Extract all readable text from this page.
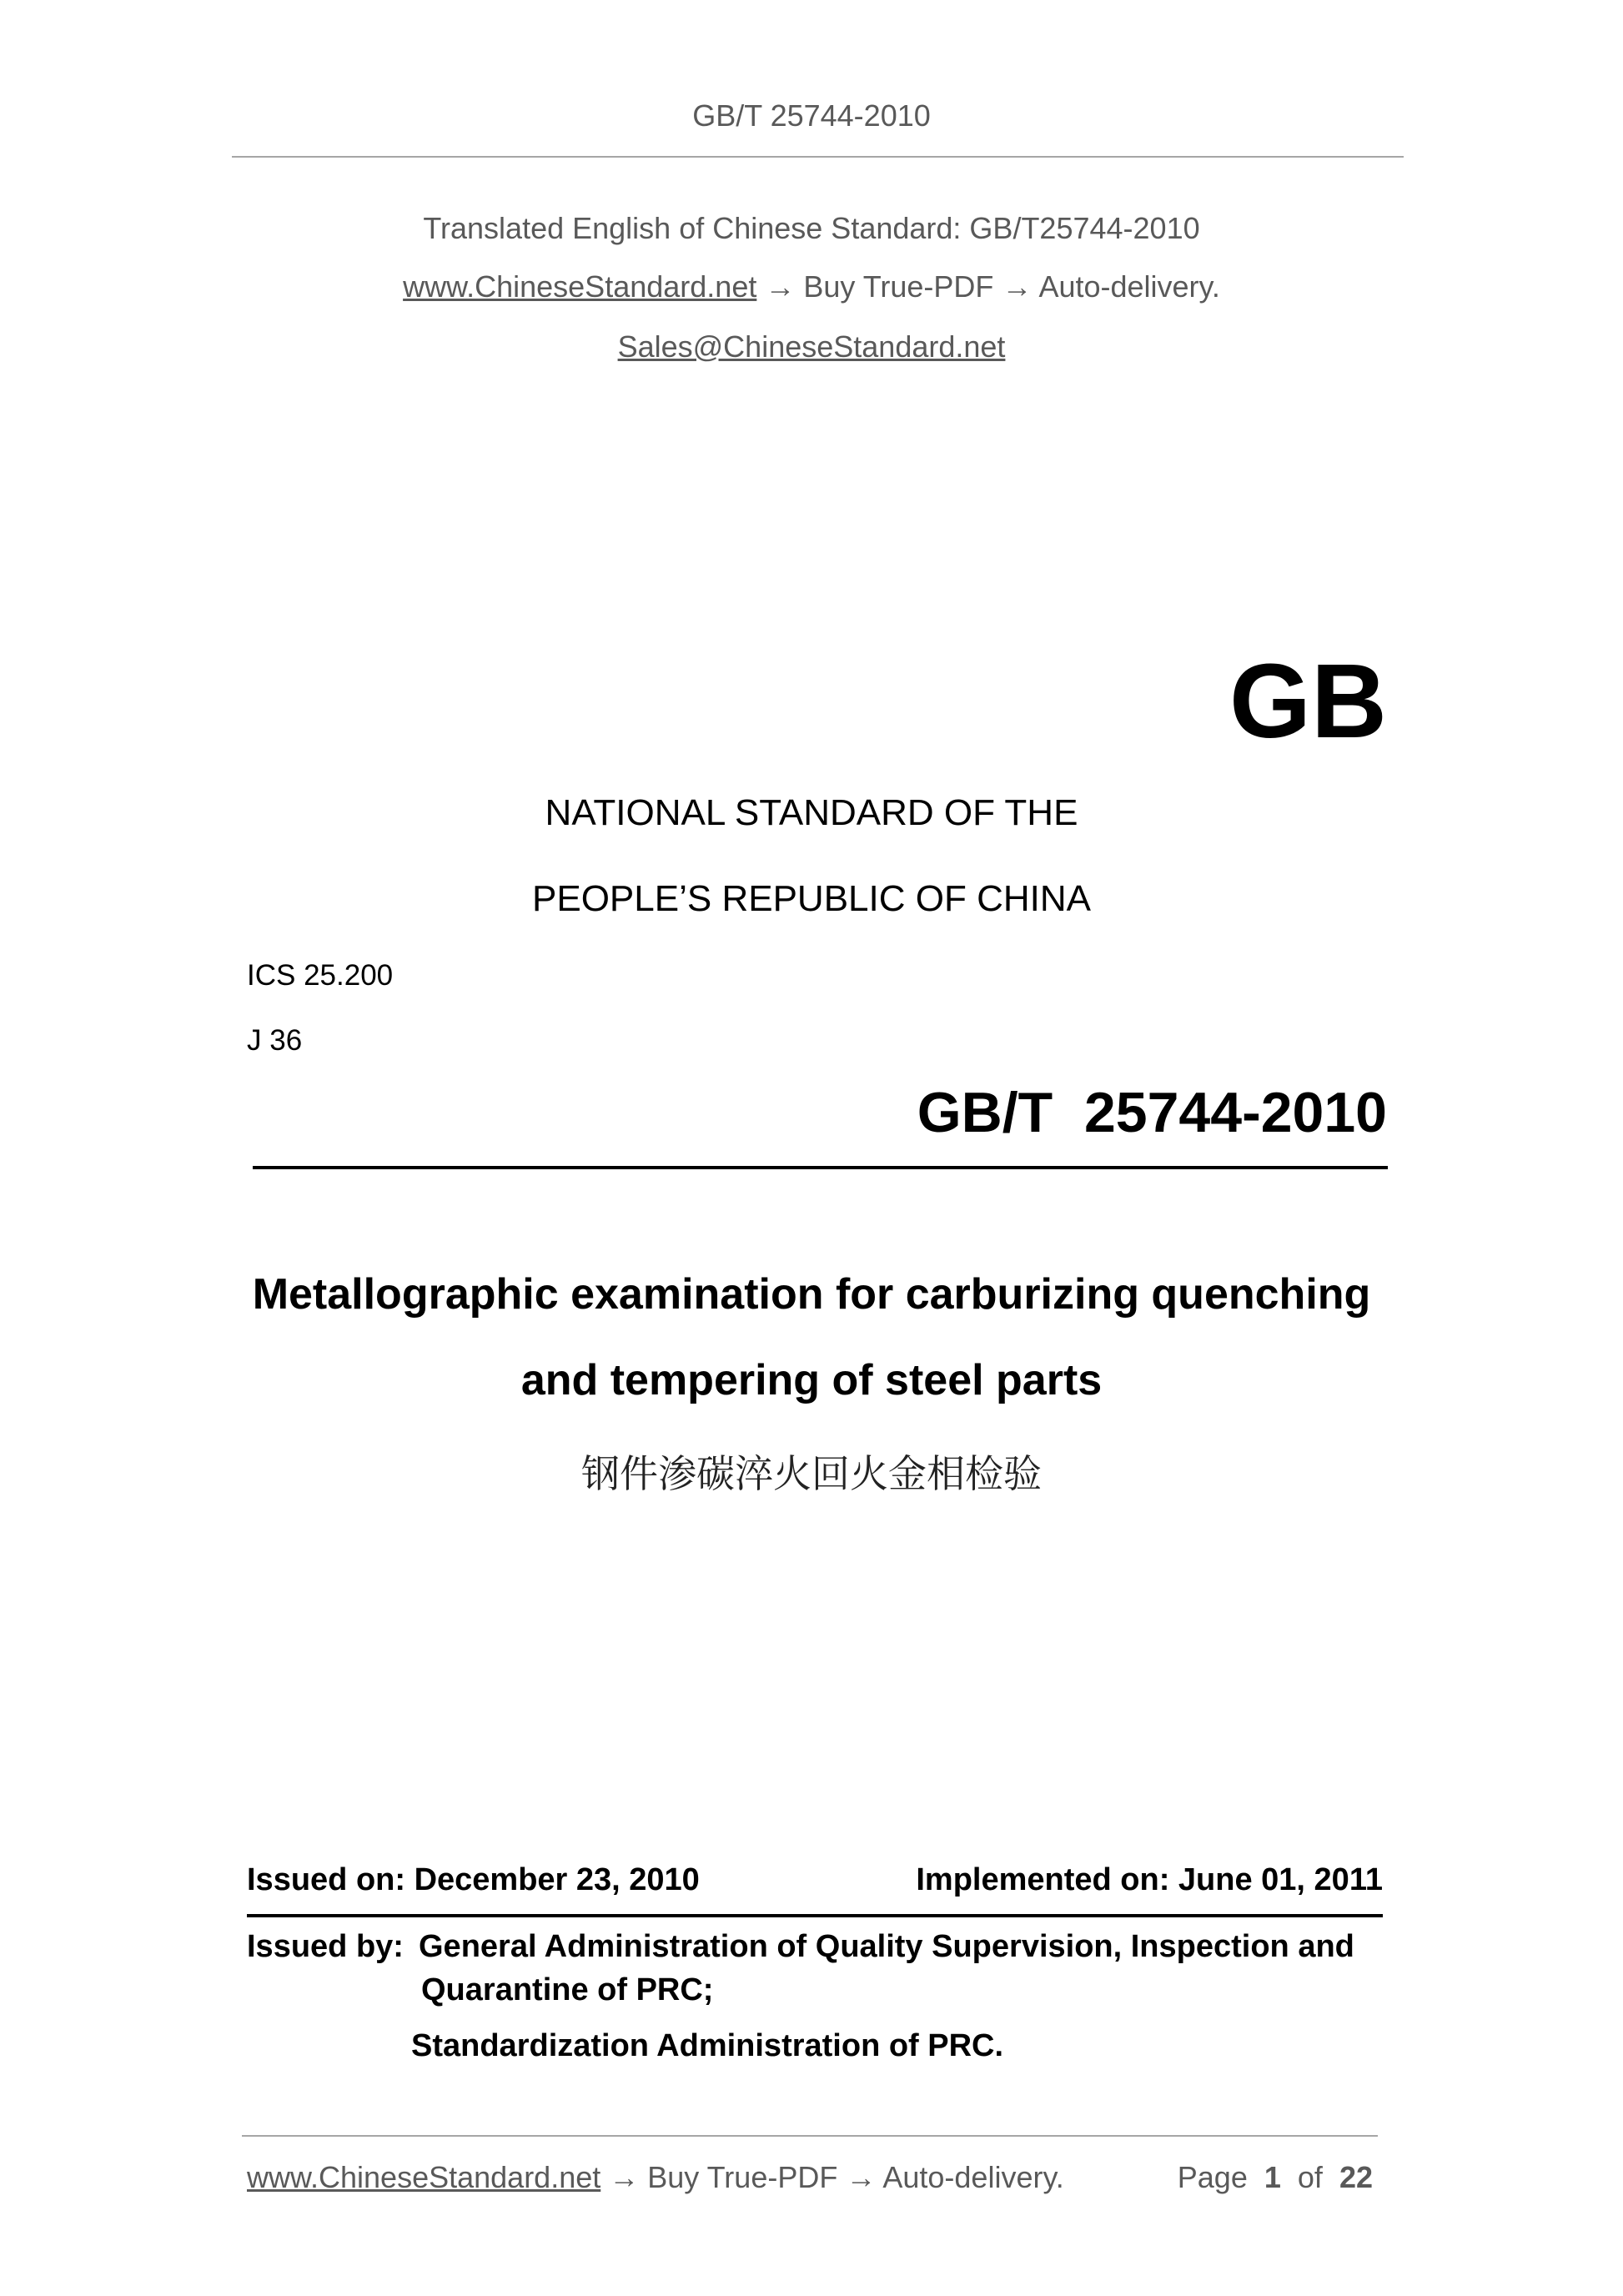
GB/T 25744-2010
Translated English of Chinese Standard: GB/T25744-2010
www.ChineseStandard.net → Buy True-PDF → Auto-delivery.
Sales@ChineseStandard.net
GB
NATIONAL STANDARD OF THE
PEOPLE’S REPUBLIC OF CHINA
ICS 25.200
J 36
GB/T  25744-2010
Metallographic examination for carburizing quenching
and tempering of steel parts
钢件渗碳淬火回火金相检验
Issued on: December 23, 2010	Implemented on: June 01, 2011
Issued by: General Administration of Quality Supervision, Inspection and
Quarantine of PRC;
Standardization Administration of PRC.
www.ChineseStandard.net → Buy True-PDF → Auto-delivery.	Page 1 of 22
